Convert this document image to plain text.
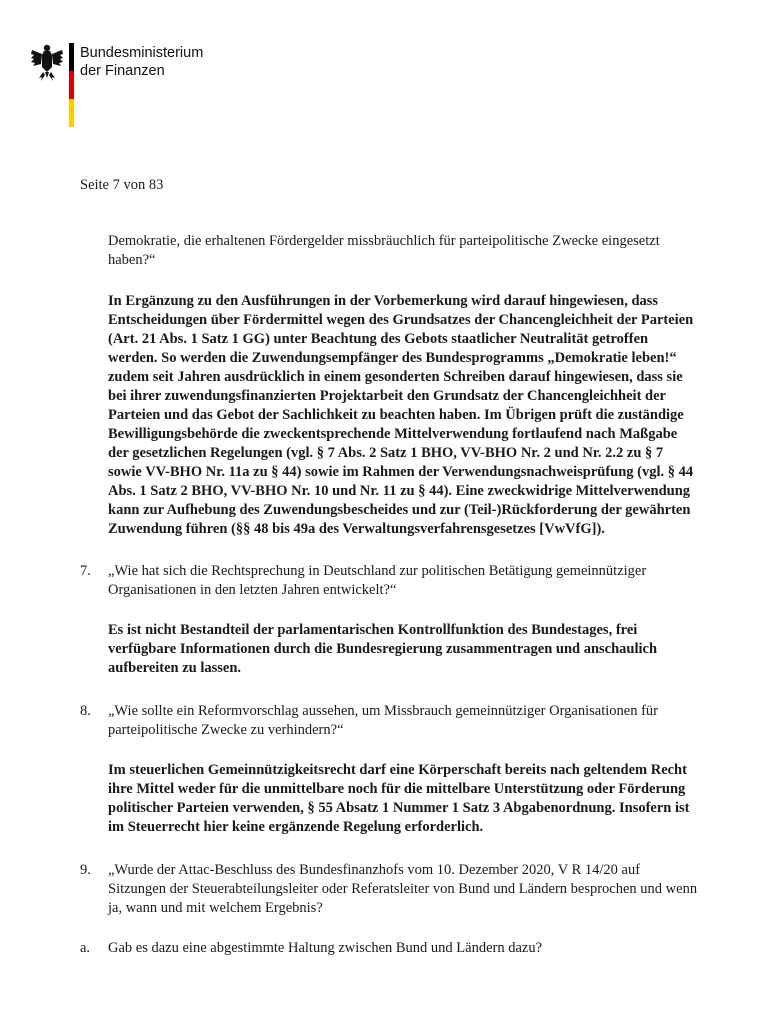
Bundesministerium
der Finanzen
Seite 7 von 83

Demokratie, die erhaltenen Fördergelder missbräuchlich für parteipolitische Zwecke eingesetzt haben?“

In Ergänzung zu den Ausführungen in der Vorbemerkung wird darauf hingewiesen, dass Entscheidungen über Fördermittel wegen des Grundsatzes der Chancengleichheit der Parteien (Art. 21 Abs. 1 Satz 1 GG) unter Beachtung des Gebots staatlicher Neutralität getroffen werden. So werden die Zuwendungsempfänger des Bundesprogramms „Demokratie leben!“ zudem seit Jahren ausdrücklich in einem gesonderten Schreiben darauf hingewiesen, dass sie bei ihrer zuwendungsfinanzierten Projektarbeit den Grundsatz der Chancengleichheit der Parteien und das Gebot der Sachlichkeit zu beachten haben. Im Übrigen prüft die zuständige Bewilligungsbehörde die zweckentsprechende Mittelverwendung fortlaufend nach Maßgabe der gesetzlichen Regelungen (vgl. § 7 Abs. 2 Satz 1 BHO, VV-BHO Nr. 2 und Nr. 2.2 zu § 7 sowie VV-BHO Nr. 11a zu § 44) sowie im Rahmen der Verwendungsnachweisprüfung (vgl. § 44 Abs. 1 Satz 2 BHO, VV-BHO Nr. 10 und Nr. 11 zu § 44). Eine zweckwidrige Mittelverwendung kann zur Aufhebung des Zuwendungsbescheides und zur (Teil-)Rückforderung der gewährten Zuwendung führen (§§ 48 bis 49a des Verwaltungsverfahrensgesetzes [VwVfG]).

7. „Wie hat sich die Rechtsprechung in Deutschland zur politischen Betätigung gemeinnütziger Organisationen in den letzten Jahren entwickelt?“

Es ist nicht Bestandteil der parlamentarischen Kontrollfunktion des Bundestages, frei verfügbare Informationen durch die Bundesregierung zusammentragen und anschaulich aufbereiten zu lassen.

8. „Wie sollte ein Reformvorschlag aussehen, um Missbrauch gemeinnütziger Organisationen für parteipolitische Zwecke zu verhindern?“

Im steuerlichen Gemeinnützigkeitsrecht darf eine Körperschaft bereits nach geltendem Recht ihre Mittel weder für die unmittelbare noch für die mittelbare Unterstützung oder Förderung politischer Parteien verwenden, § 55 Absatz 1 Nummer 1 Satz 3 Abgabenordnung. Insofern ist im Steuerrecht hier keine ergänzende Regelung erforderlich.

9. „Wurde der Attac-Beschluss des Bundesfinanzhofs vom 10. Dezember 2020, V R 14/20 auf Sitzungen der Steuerabteilungsleiter oder Referatsleiter von Bund und Ländern besprochen und wenn ja, wann und mit welchem Ergebnis?

a. Gab es dazu eine abgestimmte Haltung zwischen Bund und Ländern dazu?
